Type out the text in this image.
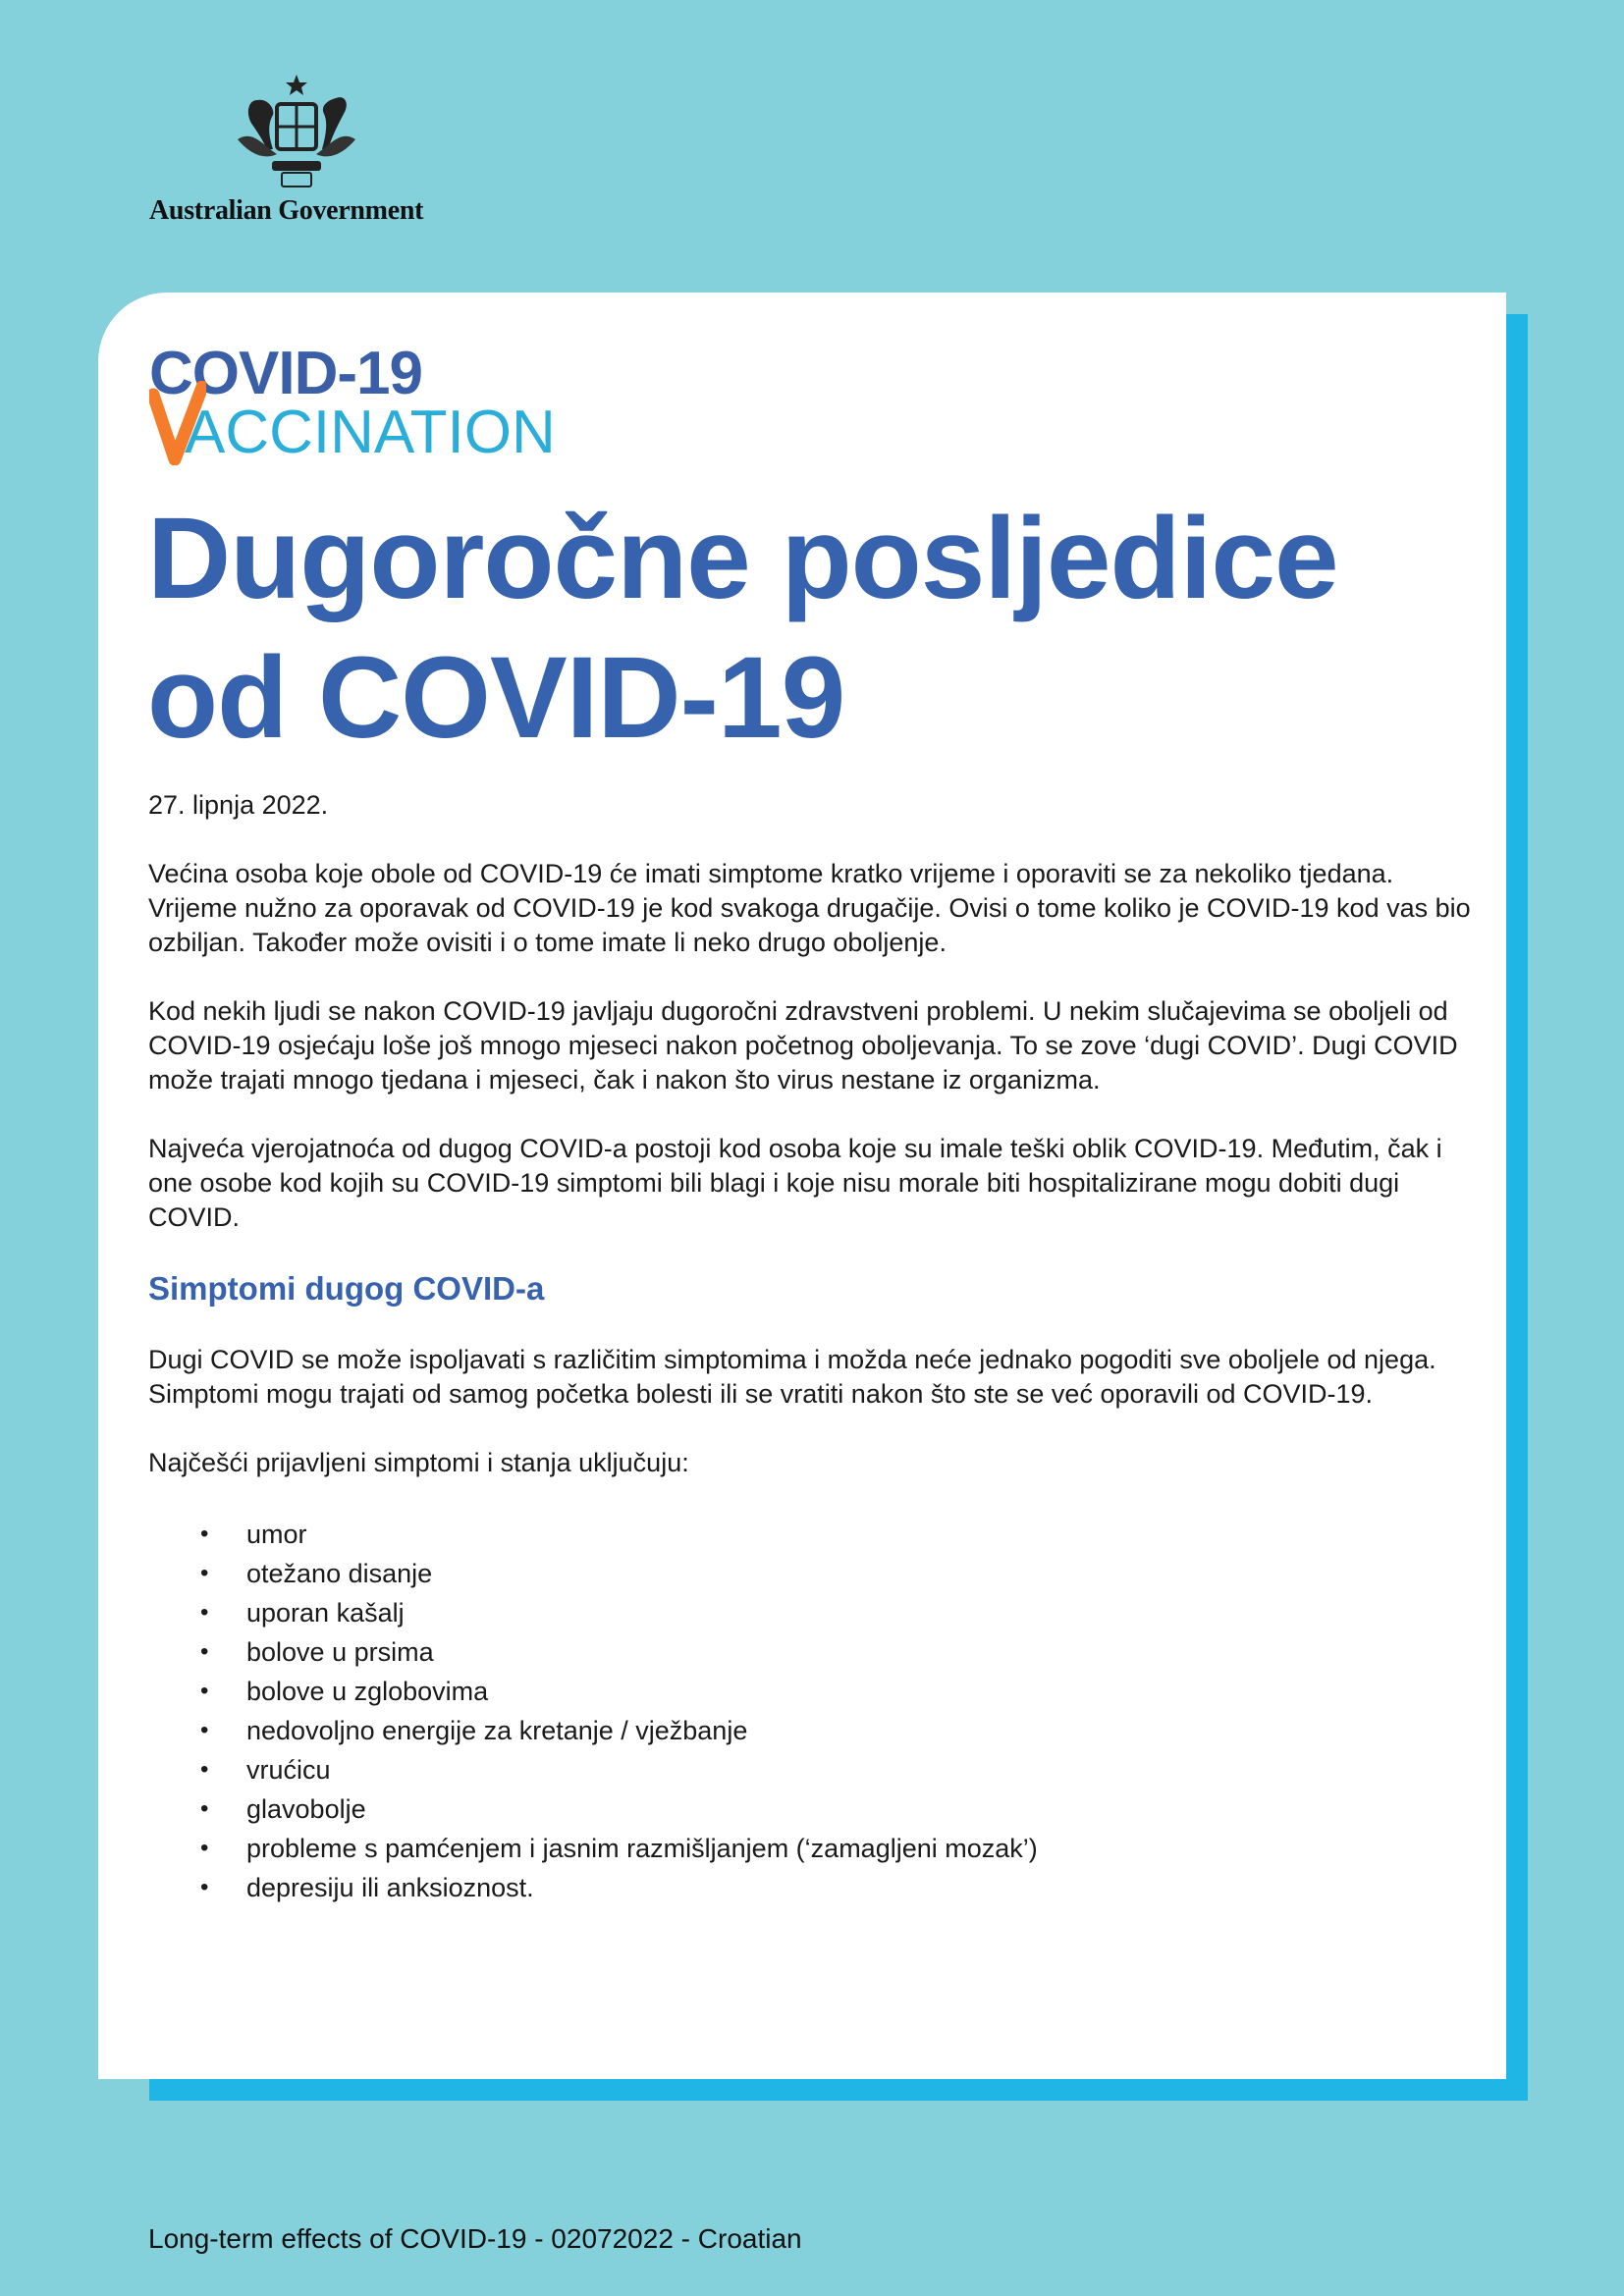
Australian Government
COVID-19
ACCINATION
Dugoročne posljedice od COVID-19

27. lipnja 2022.

Većina osoba koje obole od COVID-19 će imati simptome kratko vrijeme i oporaviti se za nekoliko tjedana. Vrijeme nužno za oporavak od COVID-19 je kod svakoga drugačije. Ovisi o tome koliko je COVID-19 kod vas bio ozbiljan. Također može ovisiti i o tome imate li neko drugo oboljenje.

Kod nekih ljudi se nakon COVID-19 javljaju dugoročni zdravstveni problemi. U nekim slučajevima se oboljeli od COVID-19 osjećaju loše još mnogo mjeseci nakon početnog oboljevanja. To se zove ‘dugi COVID’. Dugi COVID može trajati mnogo tjedana i mjeseci, čak i nakon što virus nestane iz organizma.

Najveća vjerojatnoća od dugog COVID-a postoji kod osoba koje su imale teški oblik COVID-19. Međutim, čak i one osobe kod kojih su COVID-19 simptomi bili blagi i koje nisu morale biti hospitalizirane mogu dobiti dugi COVID.

Simptomi dugog COVID-a

Dugi COVID se može ispoljavati s različitim simptomima i možda neće jednako pogoditi sve oboljele od njega. Simptomi mogu trajati od samog početka bolesti ili se vratiti nakon što ste se već oporavili od COVID-19.

Najčešći prijavljeni simptomi i stanja uključuju:

• umor
• otežano disanje
• uporan kašalj
• bolove u prsima
• bolove u zglobovima
• nedovoljno energije za kretanje / vježbanje
• vrućicu
• glavobolje
• probleme s pamćenjem i jasnim razmišljanjem (‘zamagljeni mozak’)
• depresiju ili anksioznost.
Long-term effects of COVID-19 - 02072022 - Croatian
